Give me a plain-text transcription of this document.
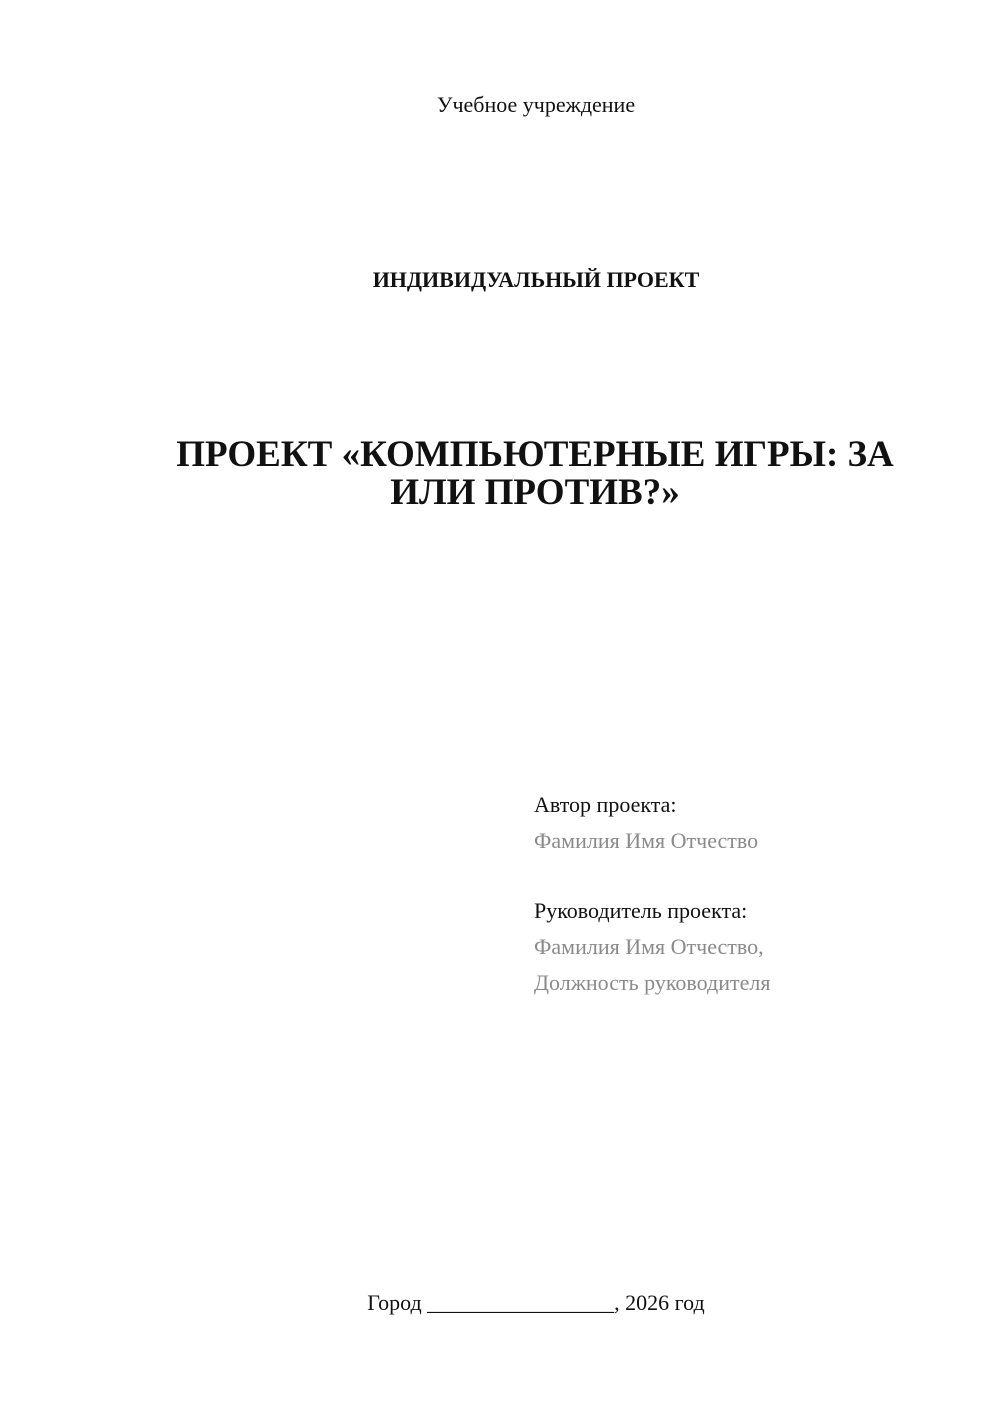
Учебное учреждение
ИНДИВИДУАЛЬНЫЙ ПРОЕКТ
ПРОЕКТ «КОМПЬЮТЕРНЫЕ ИГРЫ: ЗА
ИЛИ ПРОТИВ?»
Автор проекта:
Фамилия Имя Отчество
Руководитель проекта:
Фамилия Имя Отчество,
Должность руководителя
Город _________________, 2026 год
